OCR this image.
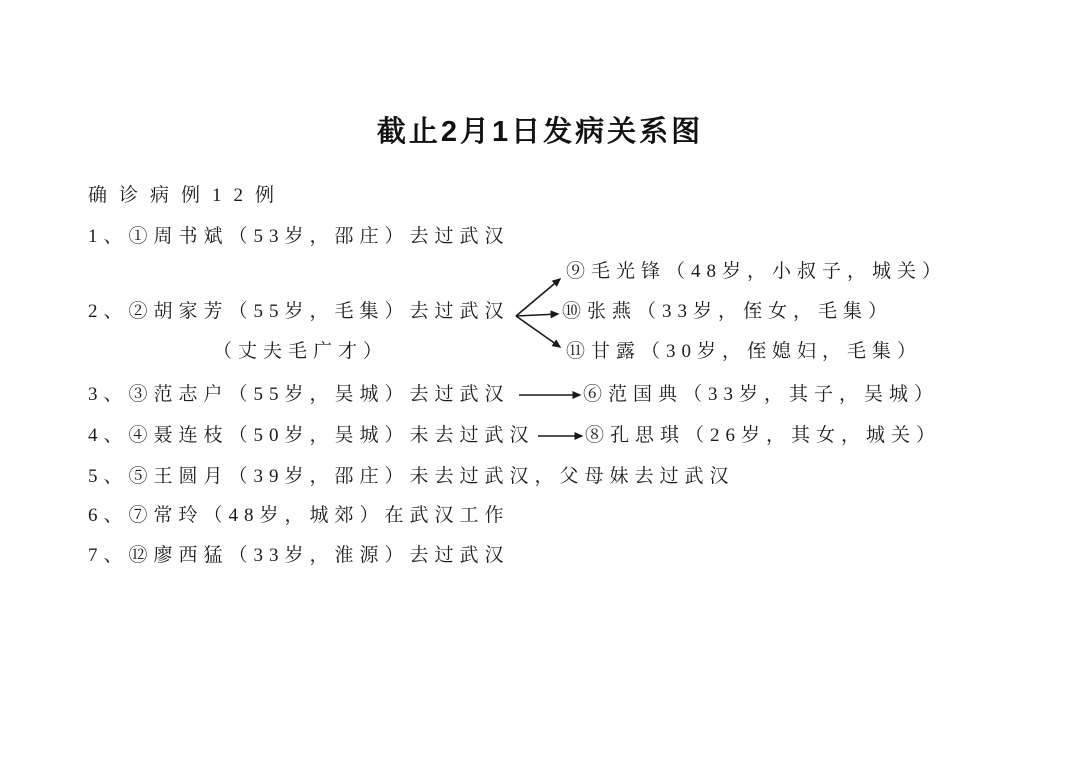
截止2月1日发病关系图
确诊病例12例
1、①周书斌（53岁，邵庄）去过武汉
2、②胡家芳（55岁，毛集）去过武汉
（丈夫毛广才）
3、③范志户（55岁，吴城）去过武汉
4、④聂连枝（50岁，吴城）未去过武汉
5、⑤王圆月（39岁，邵庄）未去过武汉，父母妹去过武汉
6、⑦常玲（48岁，城郊）在武汉工作
7、⑫廖西猛（33岁，淮源）去过武汉
⑨毛光锋（48岁，小叔子，城关）
⑩张燕（33岁，侄女，毛集）
⑪甘露（30岁，侄媳妇，毛集）
⑥范国典（33岁，其子，吴城）
⑧孔思琪（26岁，其女，城关）
